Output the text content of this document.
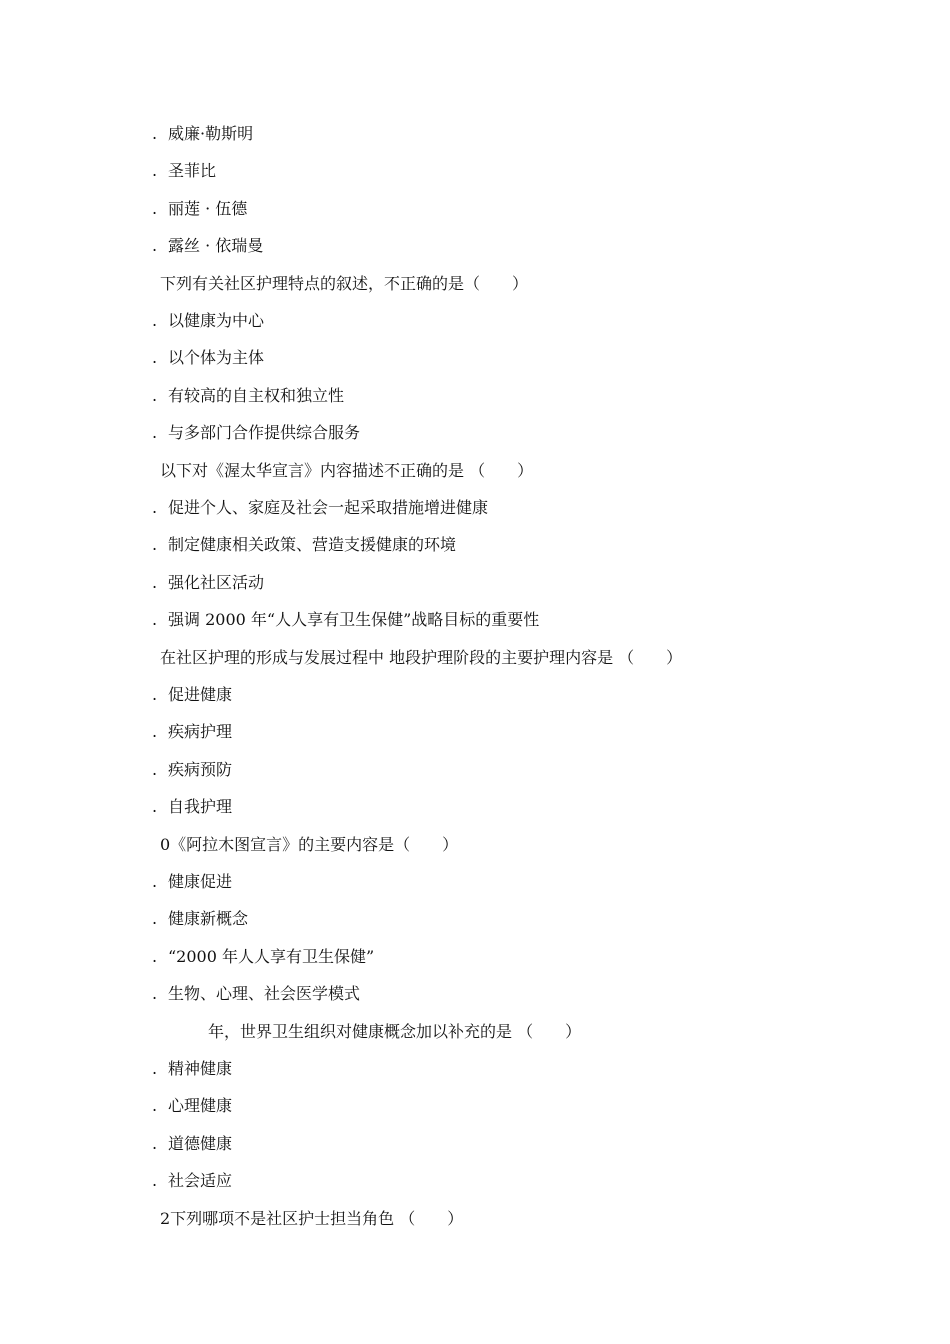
. 威廉·勒斯明
. 圣菲比
. 丽莲 · 伍德
. 露丝 · 依瑞曼
下列有关社区护理特点的叙述，不正确的是（　　）
. 以健康为中心
. 以个体为主体
. 有较高的自主权和独立性
. 与多部门合作提供综合服务
以下对《渥太华宣言》内容描述不正确的是 （　　）
. 促进个人、家庭及社会一起采取措施增进健康
. 制定健康相关政策、营造支援健康的环境
. 强化社区活动
. 强调 2000 年“人人享有卫生保健”战略目标的重要性
在社区护理的形成与发展过程中 地段护理阶段的主要护理内容是 （　　）
. 促进健康
. 疾病护理
. 疾病预防
. 自我护理
0《阿拉木图宣言》的主要内容是（　　）
. 健康促进
. 健康新概念
. “2000 年人人享有卫生保健”
. 生物、心理、社会医学模式
年，世界卫生组织对健康概念加以补充的是 （　　）
. 精神健康
. 心理健康
. 道德健康
. 社会适应
2下列哪项不是社区护士担当角色 （　　）
